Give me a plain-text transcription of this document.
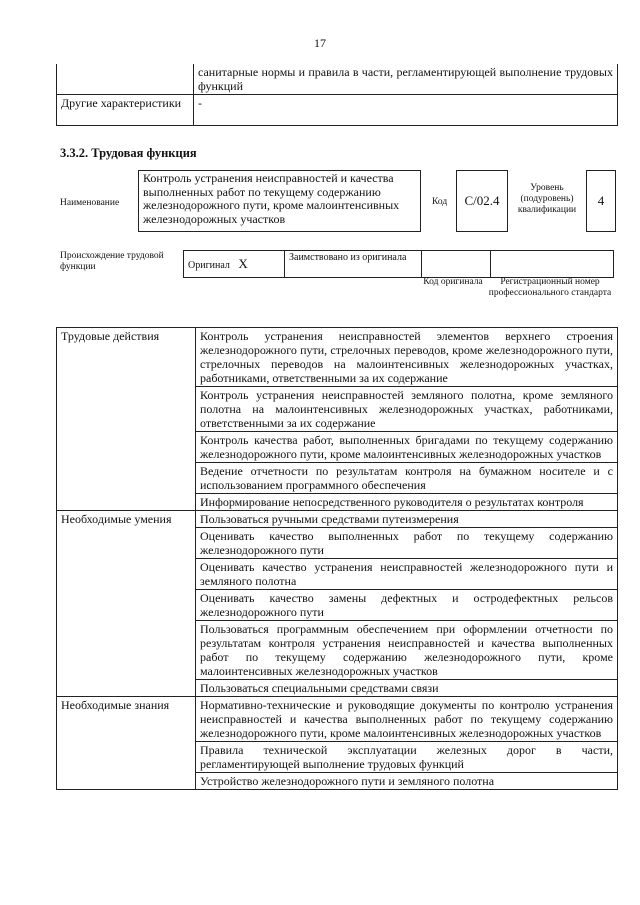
17
	санитарные нормы и правила в части, регламентирующей выполнение трудовых функций
Другие характеристики	-
3.3.2. Трудовая функция
Наименование
Контроль устранения неисправностей и качества выполненных работ по текущему содержанию железнодорожного пути, кроме малоинтенсивных железнодорожных участков
Код	C/02.4
Уровень (подуровень) квалификации
4
Происхождение трудовой функции	Оригинал X	Заимствовано из оригинала		
Код оригинала	Регистрационный номер профессионального стандарта
Трудовые действия	Контроль устранения неисправностей элементов верхнего строения железнодорожного пути, стрелочных переводов, кроме железнодорожного пути, стрелочных переводов на малоинтенсивных железнодорожных участках, работниками, ответственными за их содержание
	Контроль устранения неисправностей земляного полотна, кроме земляного полотна на малоинтенсивных железнодорожных участках, работниками, ответственными за их содержание
	Контроль качества работ, выполненных бригадами по текущему содержанию железнодорожного пути, кроме малоинтенсивных железнодорожных участков
	Ведение отчетности по результатам контроля на бумажном носителе и с использованием программного обеспечения
	Информирование непосредственного руководителя о результатах контроля
Необходимые умения	Пользоваться ручными средствами путеизмерения
	Оценивать качество выполненных работ по текущему содержанию железнодорожного пути
	Оценивать качество устранения неисправностей железнодорожного пути и земляного полотна
	Оценивать качество замены дефектных и остродефектных рельсов железнодорожного пути
	Пользоваться программным обеспечением при оформлении отчетности по результатам контроля устранения неисправностей и качества выполненных работ по текущему содержанию железнодорожного пути, кроме малоинтенсивных железнодорожных участков
	Пользоваться специальными средствами связи
Необходимые знания	Нормативно-технические и руководящие документы по контролю устранения неисправностей и качества выполненных работ по текущему содержанию железнодорожного пути, кроме малоинтенсивных железнодорожных участков
	Правила технической эксплуатации железных дорог в части, регламентирующей выполнение трудовых функций
	Устройство железнодорожного пути и земляного полотна
